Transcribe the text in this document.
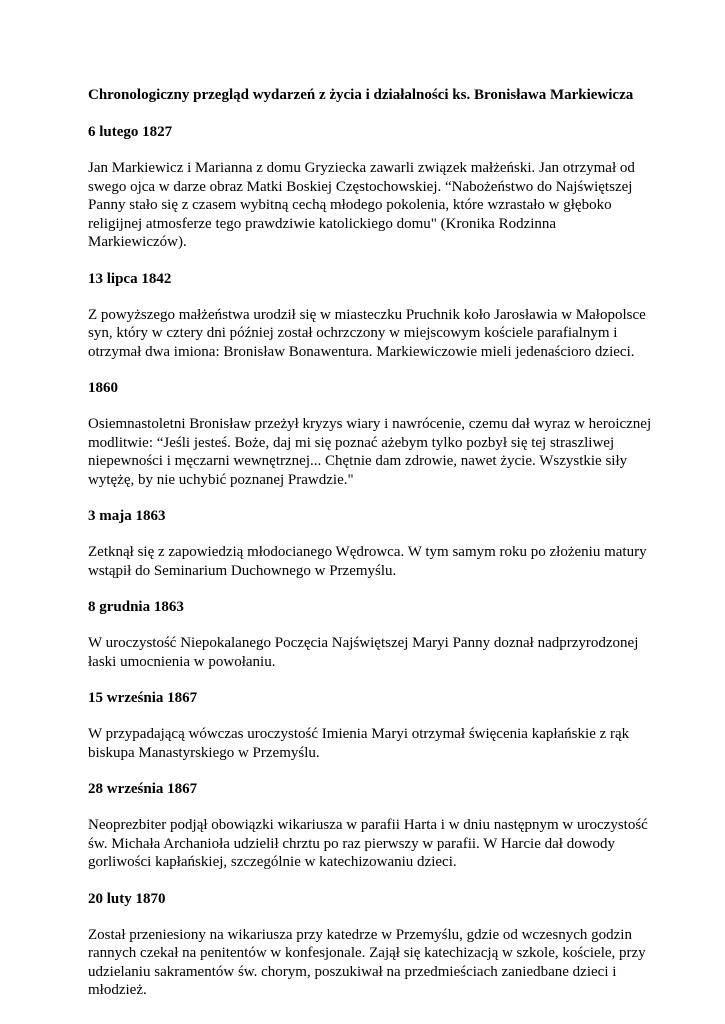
Chronologiczny przegląd wydarzeń z życia i działalności ks. Bronisława Markiewicza
6 lutego 1827
Jan Markiewicz i Marianna z domu Gryziecka zawarli związek małżeński. Jan otrzymał od
swego ojca w darze obraz Matki Boskiej Częstochowskiej. “Nabożeństwo do Najświętszej
Panny stało się z czasem wybitną cechą młodego pokolenia, które wzrastało w głęboko
religijnej atmosferze tego prawdziwie katolickiego domu" (Kronika Rodzinna
Markiewiczów).
13 lipca 1842
Z powyższego małżeństwa urodził się w miasteczku Pruchnik koło Jarosławia w Małopolsce
syn, który w cztery dni później został ochrzczony w miejscowym kościele parafialnym i
otrzymał dwa imiona: Bronisław Bonawentura. Markiewiczowie mieli jedenaścioro dzieci.
1860
Osiemnastoletni Bronisław przeżył kryzys wiary i nawrócenie, czemu dał wyraz w heroicznej
modlitwie: “Jeśli jesteś. Boże, daj mi się poznać ażebym tylko pozbył się tej straszliwej
niepewności i męczarni wewnętrznej... Chętnie dam zdrowie, nawet życie. Wszystkie siły
wytężę, by nie uchybić poznanej Prawdzie."
3 maja 1863
Zetknął się z zapowiedzią młodocianego Wędrowca. W tym samym roku po złożeniu matury
wstąpił do Seminarium Duchownego w Przemyślu.
8 grudnia 1863
W uroczystość Niepokalanego Poczęcia Najświętszej Maryi Panny doznał nadprzyrodzonej
łaski umocnienia w powołaniu.
15 września 1867
W przypadającą wówczas uroczystość Imienia Maryi otrzymał święcenia kapłańskie z rąk
biskupa Manastyrskiego w Przemyślu.
28 września 1867
Neoprezbiter podjął obowiązki wikariusza w parafii Harta i w dniu następnym w uroczystość
św. Michała Archanioła udzielił chrztu po raz pierwszy w parafii. W Harcie dał dowody
gorliwości kapłańskiej, szczególnie w katechizowaniu dzieci.
20 luty 1870
Został przeniesiony na wikariusza przy katedrze w Przemyślu, gdzie od wczesnych godzin
rannych czekał na penitentów w konfesjonale. Zajął się katechizacją w szkole, kościele, przy
udzielaniu sakramentów św. chorym, poszukiwał na przedmieściach zaniedbane dzieci i
młodzież.
